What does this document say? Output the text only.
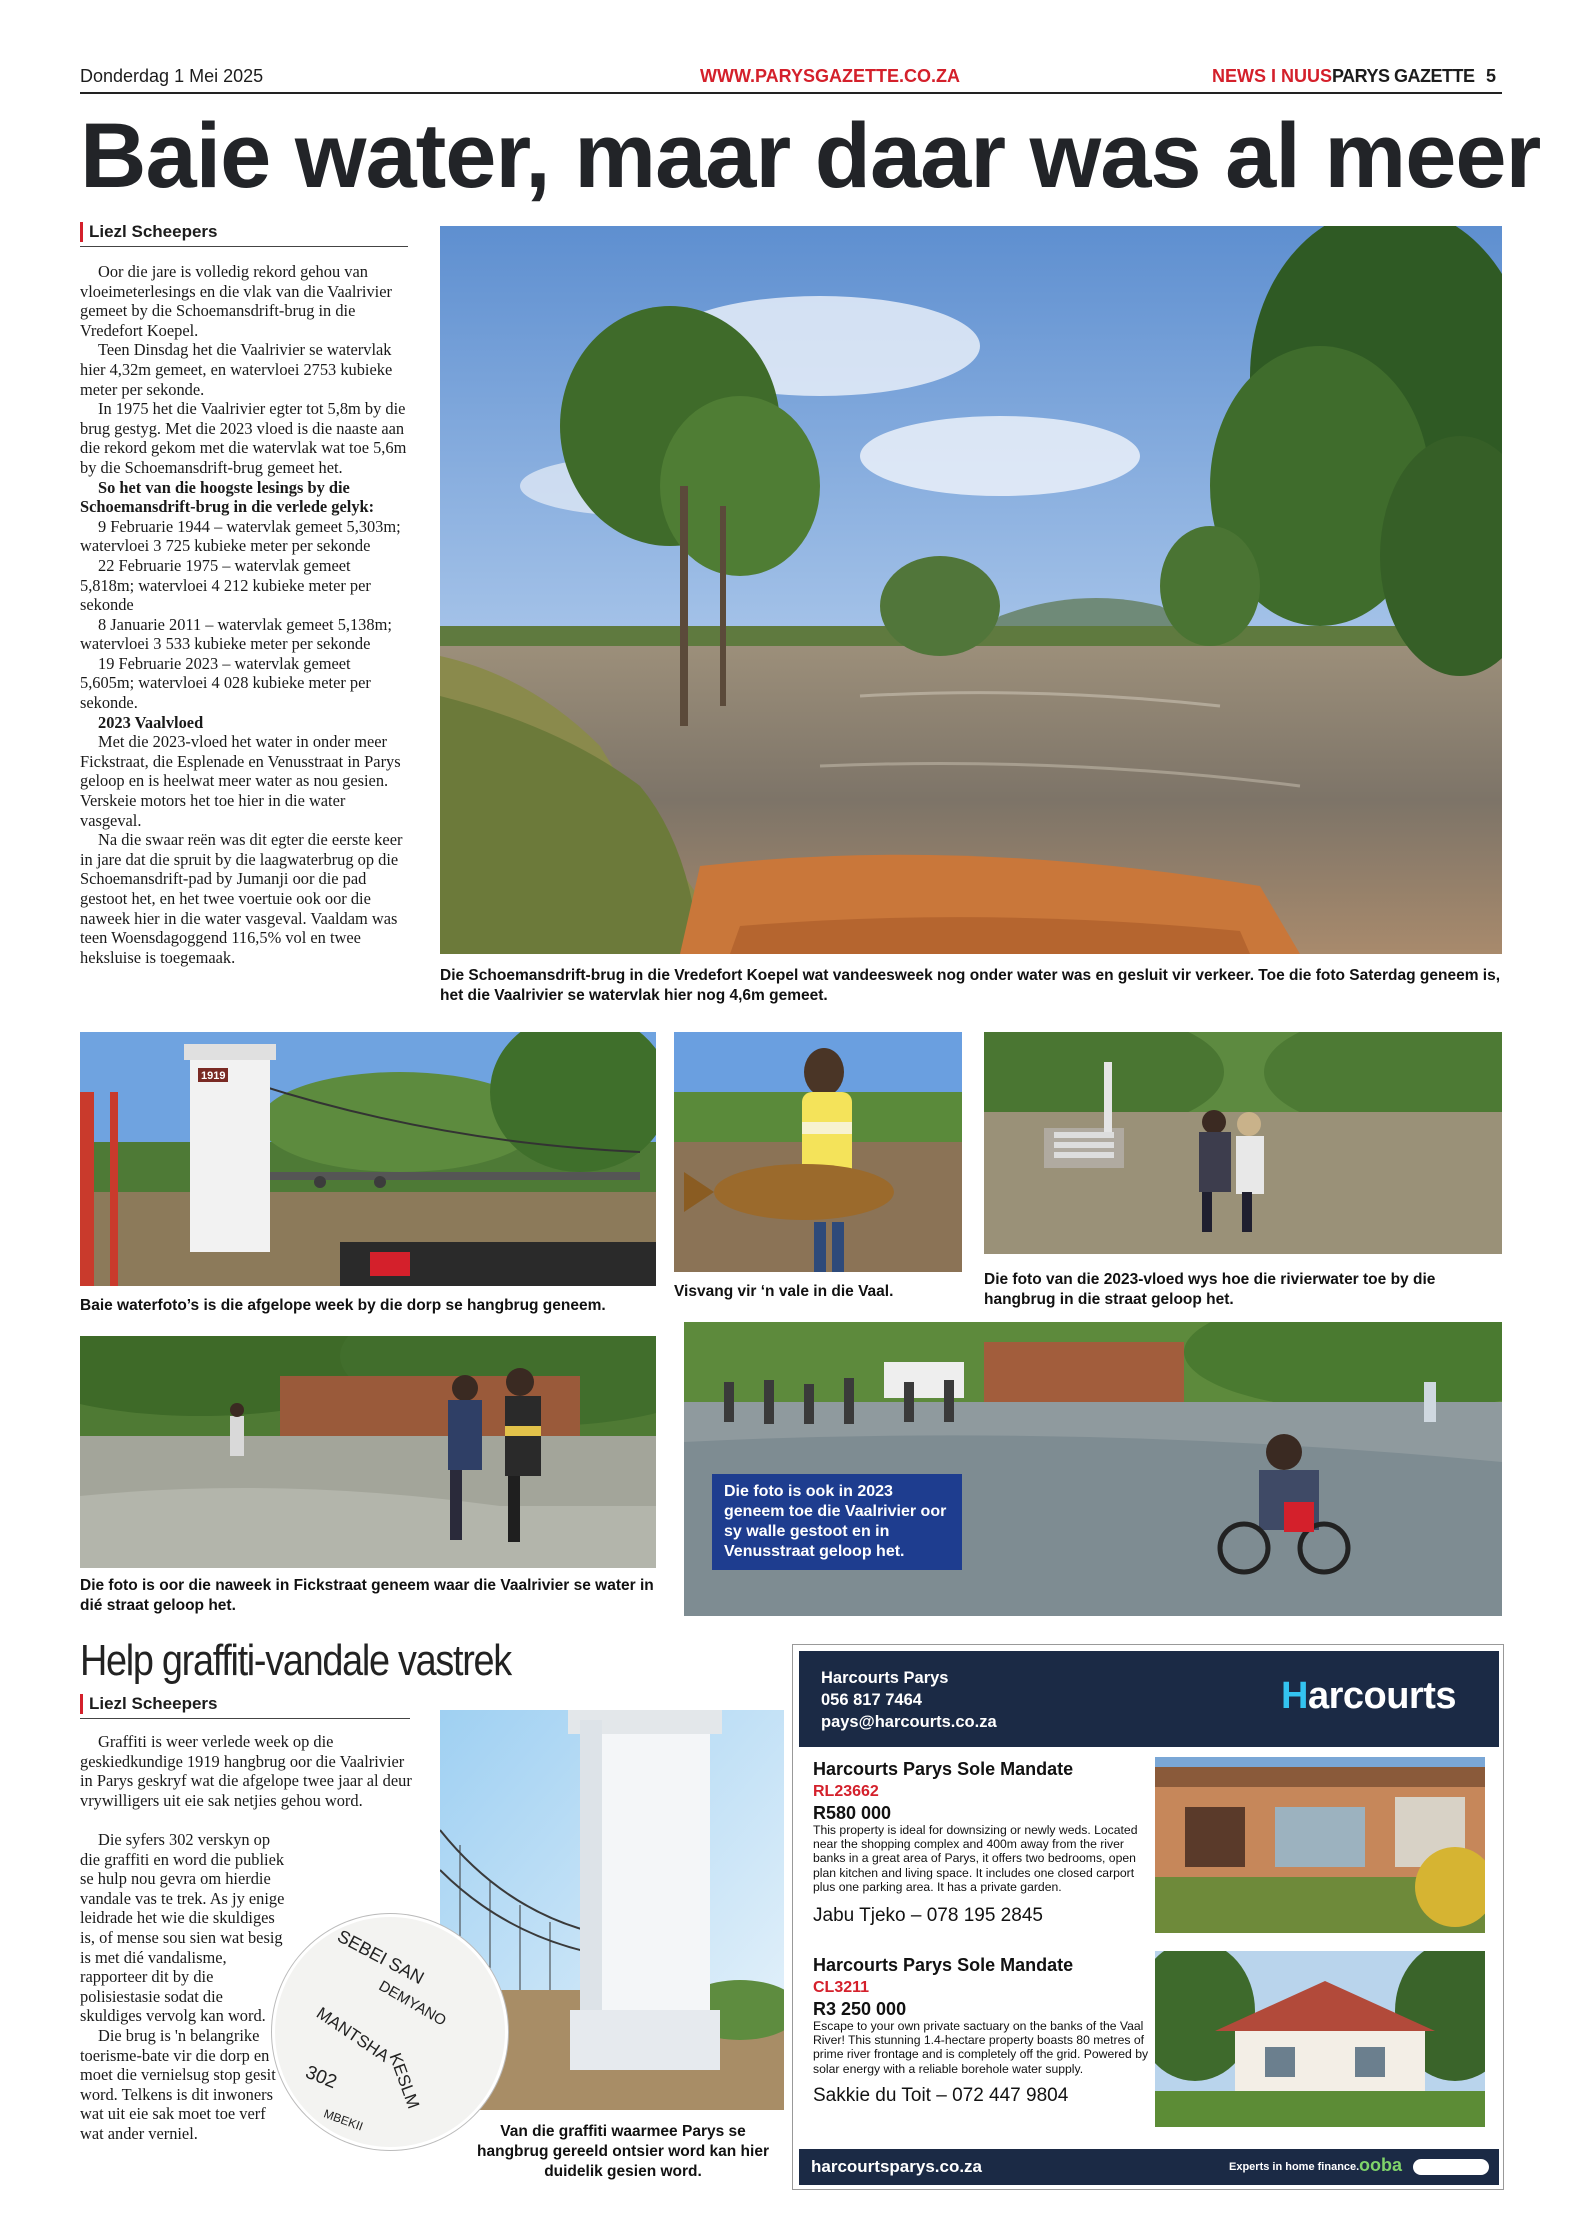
Donderdag 1 Mei 2025	WWW.PARYSGAZETTE.CO.ZA	NEWS I NUUS PARYS GAZETTE 5
Baie water, maar daar was al meer
Liezl Scheepers

Oor die jare is volledig rekord gehou van vloeimeterlesings en die vlak van die Vaalrivier gemeet by die Schoemansdrift-brug in die Vredefort Koepel.

Teen Dinsdag het die Vaalrivier se watervlak hier 4,32m gemeet, en watervloei 2753 kubieke meter per sekonde.

In 1975 het die Vaalrivier egter tot 5,8m by die brug gestyg. Met die 2023 vloed is die naaste aan die rekord gekom met die watervlak wat toe 5,6m by die Schoemansdrift-brug gemeet het.

So het van die hoogste lesings by die Schoemansdrift-brug in die verlede gelyk:

9 Februarie 1944 – watervlak gemeet 5,303m; watervloei 3 725 kubieke meter per sekonde

22 Februarie 1975 – watervlak gemeet 5,818m; watervloei 4 212 kubieke meter per sekonde

8 Januarie 2011 – watervlak gemeet 5,138m; watervloei 3 533 kubieke meter per sekonde

19 Februarie 2023 – watervlak gemeet 5,605m; watervloei 4 028 kubieke meter per sekonde.

2023 Vaalvloed

Met die 2023-vloed het water in onder meer Fickstraat, die Esplenade en Venusstraat in Parys geloop en is heelwat meer water as nou gesien. Verskeie motors het toe hier in die water vasgeval.

Na die swaar reën was dit egter die eerste keer in jare dat die spruit by die laagwaterbrug op die Schoemansdrift-pad by Jumanji oor die pad gestoot het, en het twee voertuie ook oor die naweek hier in die water vasgeval. Vaaldam was teen Woensdagoggend 116,5% vol en twee heksluise is toegemaak.

Die Schoemansdrift-brug in die Vredefort Koepel wat vandeesweek nog onder water was en gesluit vir verkeer. Toe die foto Saterdag geneem is, het die Vaalrivier se watervlak hier nog 4,6m gemeet.
1919
Baie waterfoto’s is die afgelope week by die dorp se hangbrug geneem.
Visvang vir ‘n vale in die Vaal.
Die foto van die 2023-vloed wys hoe die rivierwater toe by die hangbrug in die straat geloop het.
Die foto is oor die naweek in Fickstraat geneem waar die Vaalrivier se water in dié straat geloop het.
Die foto is ook in 2023 geneem toe die Vaalrivier oor sy walle gestoot en in Venusstraat geloop het.
Help graffiti-vandale vastrek
Liezl Scheepers

Graffiti is weer verlede week op die geskiedkundige 1919 hangbrug oor die Vaalrivier in Parys geskryf wat die afgelope twee jaar al deur vrywilligers uit eie sak netjies gehou word.

Die syfers 302 verskyn op die graffiti en word die publiek se hulp nou gevra om hierdie vandale vas te trek. As jy enige leidrade het wie die skuldiges is, of mense sou sien wat besig is met dié vandalisme, rapporteer dit by die polisiestasie sodat die skuldiges vervolg kan word.

Die brug is 'n belangrike toerisme-bate vir die dorp en moet die vernielsug stop gesit word. Telkens is dit inwoners wat uit eie sak moet toe verf wat ander verniel.

SEBEI SAN
DEMYANO
MANTSHA
302	KESLM
MBEKII	Van die graffiti waarmee Parys se hangbrug gereeld ontsier word kan hier duidelik gesien word.
Harcourts Parys
056 817 7464
pays@harcourts.co.za
Harcourts
Harcourts Parys Sole Mandate
RL23662
R580 000
This property is ideal for downsizing or newly weds. Located near the shopping complex and 400m away from the river banks in a great area of Parys, it offers two bedrooms, open plan kitchen and living space. It includes one closed carport plus one parking area. It has a private garden.
Jabu Tjeko – 078 195 2845
Harcourts Parys Sole Mandate
CL3211
R3 250 000
Escape to your own private sactuary on the banks of the Vaal River! This stunning 1.4-hectare property boasts 80 metres of prime river frontage and is completely off the grid. Powered by solar energy with a reliable borehole water supply.
Sakkie du Toit – 072 447 9804
harcourtsparys.co.za	Experts in home finance. ooba
